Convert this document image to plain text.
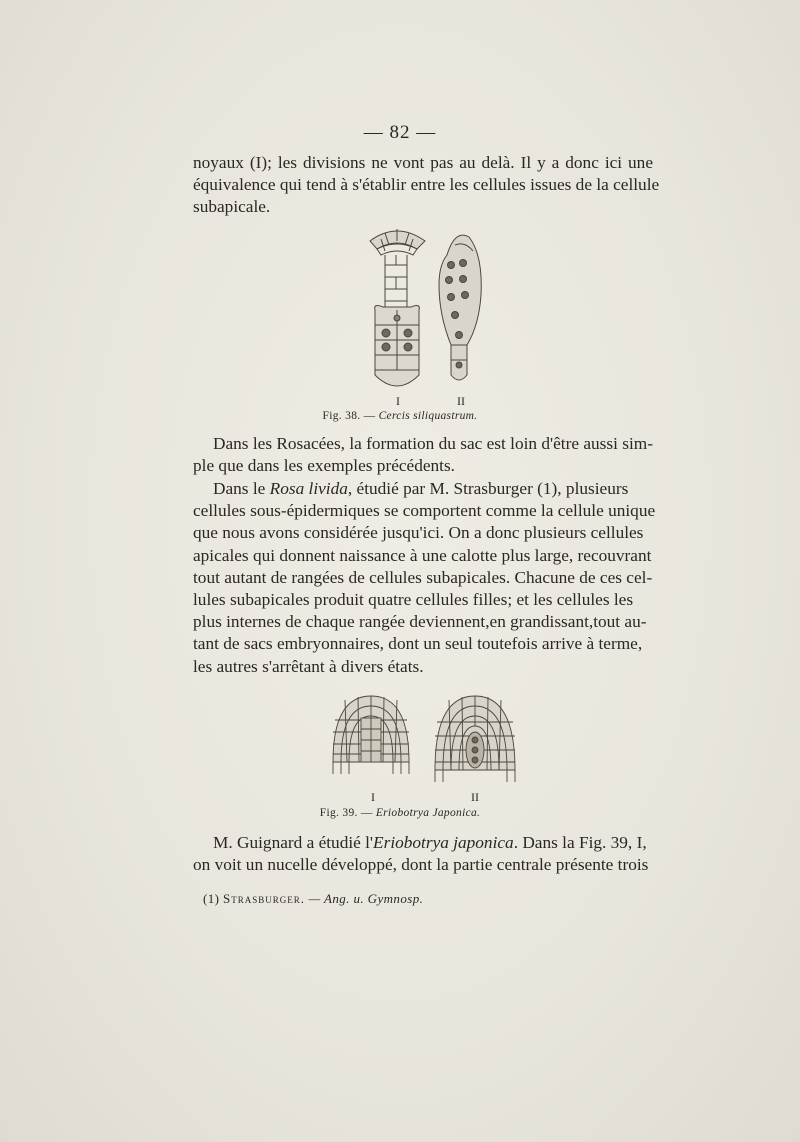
— 82 —
noyaux (I); les divisions ne vont pas au delà. Il y a donc ici une
équivalence qui tend à s'établir entre les cellules issues de la cellule
subapicale.
I	II
Fig. 38. — Cercis siliquastrum.
Dans les Rosacées, la formation du sac est loin d'être aussi sim-
ple que dans les exemples précédents.
Dans le Rosa livida, étudié par M. Strasburger (1), plusieurs
cellules sous-épidermiques se comportent comme la cellule unique
que nous avons considérée jusqu'ici. On a donc plusieurs cellules
apicales qui donnent naissance à une calotte plus large, recouvrant
tout autant de rangées de cellules subapicales. Chacune de ces cel-
lules subapicales produit quatre cellules filles; et les cellules les
plus internes de chaque rangée deviennent,en grandissant,tout au-
tant de sacs embryonnaires, dont un seul toutefois arrive à terme,
les autres s'arrêtant à divers états.
I	II
Fig. 39. — Eriobotrya Japonica.
M. Guignard a étudié l'Eriobotrya japonica. Dans la Fig. 39, I,
on voit un nucelle développé, dont la partie centrale présente trois
(1) Strasburger. — Ang. u. Gymnosp.
